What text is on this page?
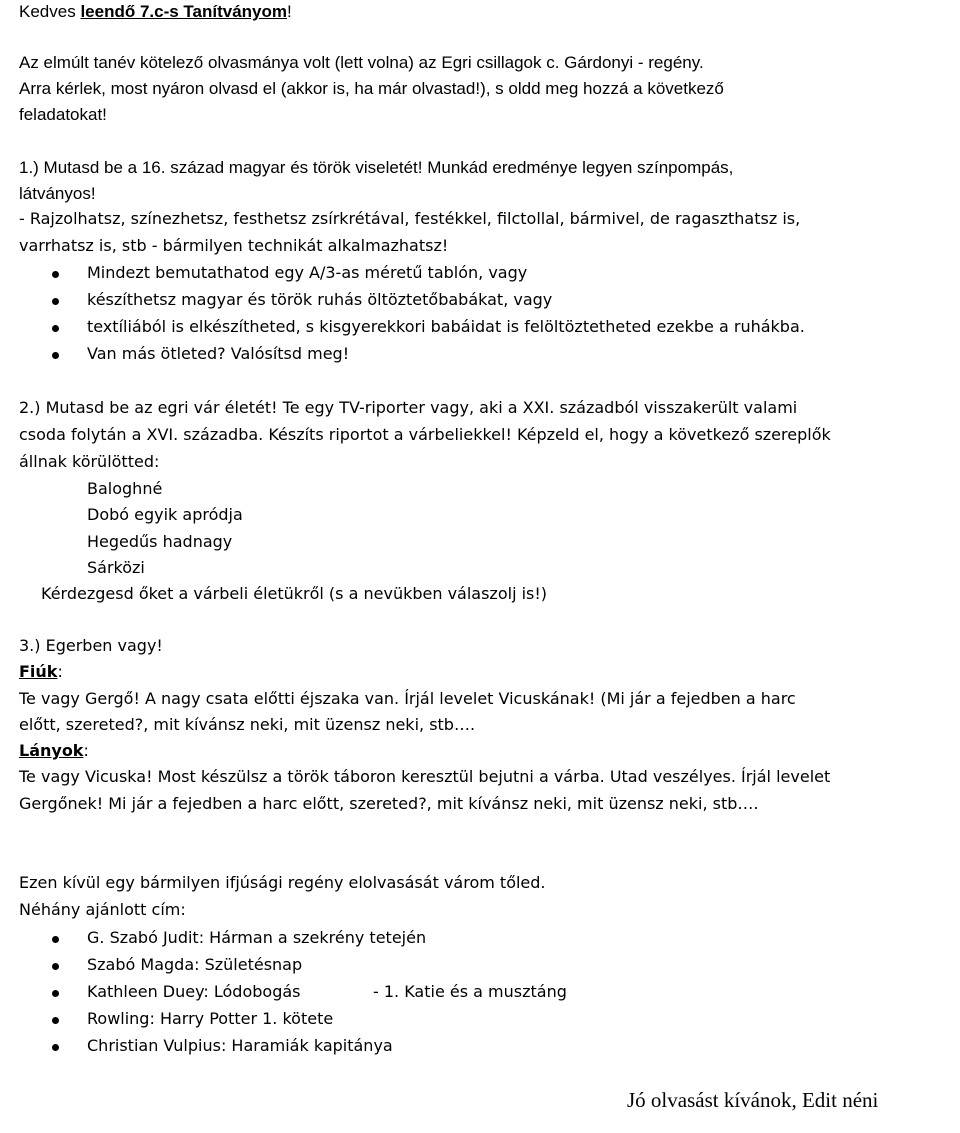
Kedves leendő 7.c-s Tanítványom!
Az elmúlt tanév kötelező olvasmánya volt (lett volna) az Egri csillagok c. Gárdonyi - regény.
Arra kérlek, most nyáron olvasd el (akkor is, ha már olvastad!), s oldd meg hozzá a következő
feladatokat!
1.) Mutasd be a 16. század magyar és török viseletét! Munkád eredménye legyen színpompás,
látványos!
- Rajzolhatsz, színezhetsz, festhetsz zsírkrétával, festékkel, filctollal, bármivel, de ragaszthatsz is,
varrhatsz is, stb - bármilyen technikát alkalmazhatsz!
Mindezt bemutathatod egy A/3-as méretű tablón, vagy
készíthetsz magyar és török ruhás öltöztetőbabákat, vagy
textíliából is elkészítheted, s kisgyerekkori babáidat is felöltöztetheted ezekbe a ruhákba.
Van más ötleted? Valósítsd meg!
2.) Mutasd be az egri vár életét! Te egy TV-riporter vagy, aki a XXI. századból visszakerült valami
csoda folytán a XVI. századba. Készíts riportot a várbeliekkel! Képzeld el, hogy a következő szereplők
állnak körülötted:
Baloghné
Dobó egyik apródja
Hegedűs hadnagy
Sárközi
Kérdezgesd őket a várbeli életükről (s a nevükben válaszolj is!)
3.) Egerben vagy!
Fiúk:
Te vagy Gergő! A nagy csata előtti éjszaka van. Írjál levelet Vicuskának! (Mi jár a fejedben a harc
előtt, szereted?, mit kívánsz neki, mit üzensz neki, stb….
Lányok:
Te vagy Vicuska! Most készülsz a török táboron keresztül bejutni a várba. Utad veszélyes. Írjál levelet
Gergőnek! Mi jár a fejedben a harc előtt, szereted?, mit kívánsz neki, mit üzensz neki, stb….
Ezen kívül egy bármilyen ifjúsági regény elolvasását várom tőled.
Néhány ajánlott cím:
G. Szabó Judit: Hárman a szekrény tetején
Szabó Magda: Születésnap
Kathleen Duey: Lódobogás	- 1. Katie és a musztáng
Rowling: Harry Potter 1. kötete
Christian Vulpius: Haramiák kapitánya
Jó olvasást kívánok, Edit néni
